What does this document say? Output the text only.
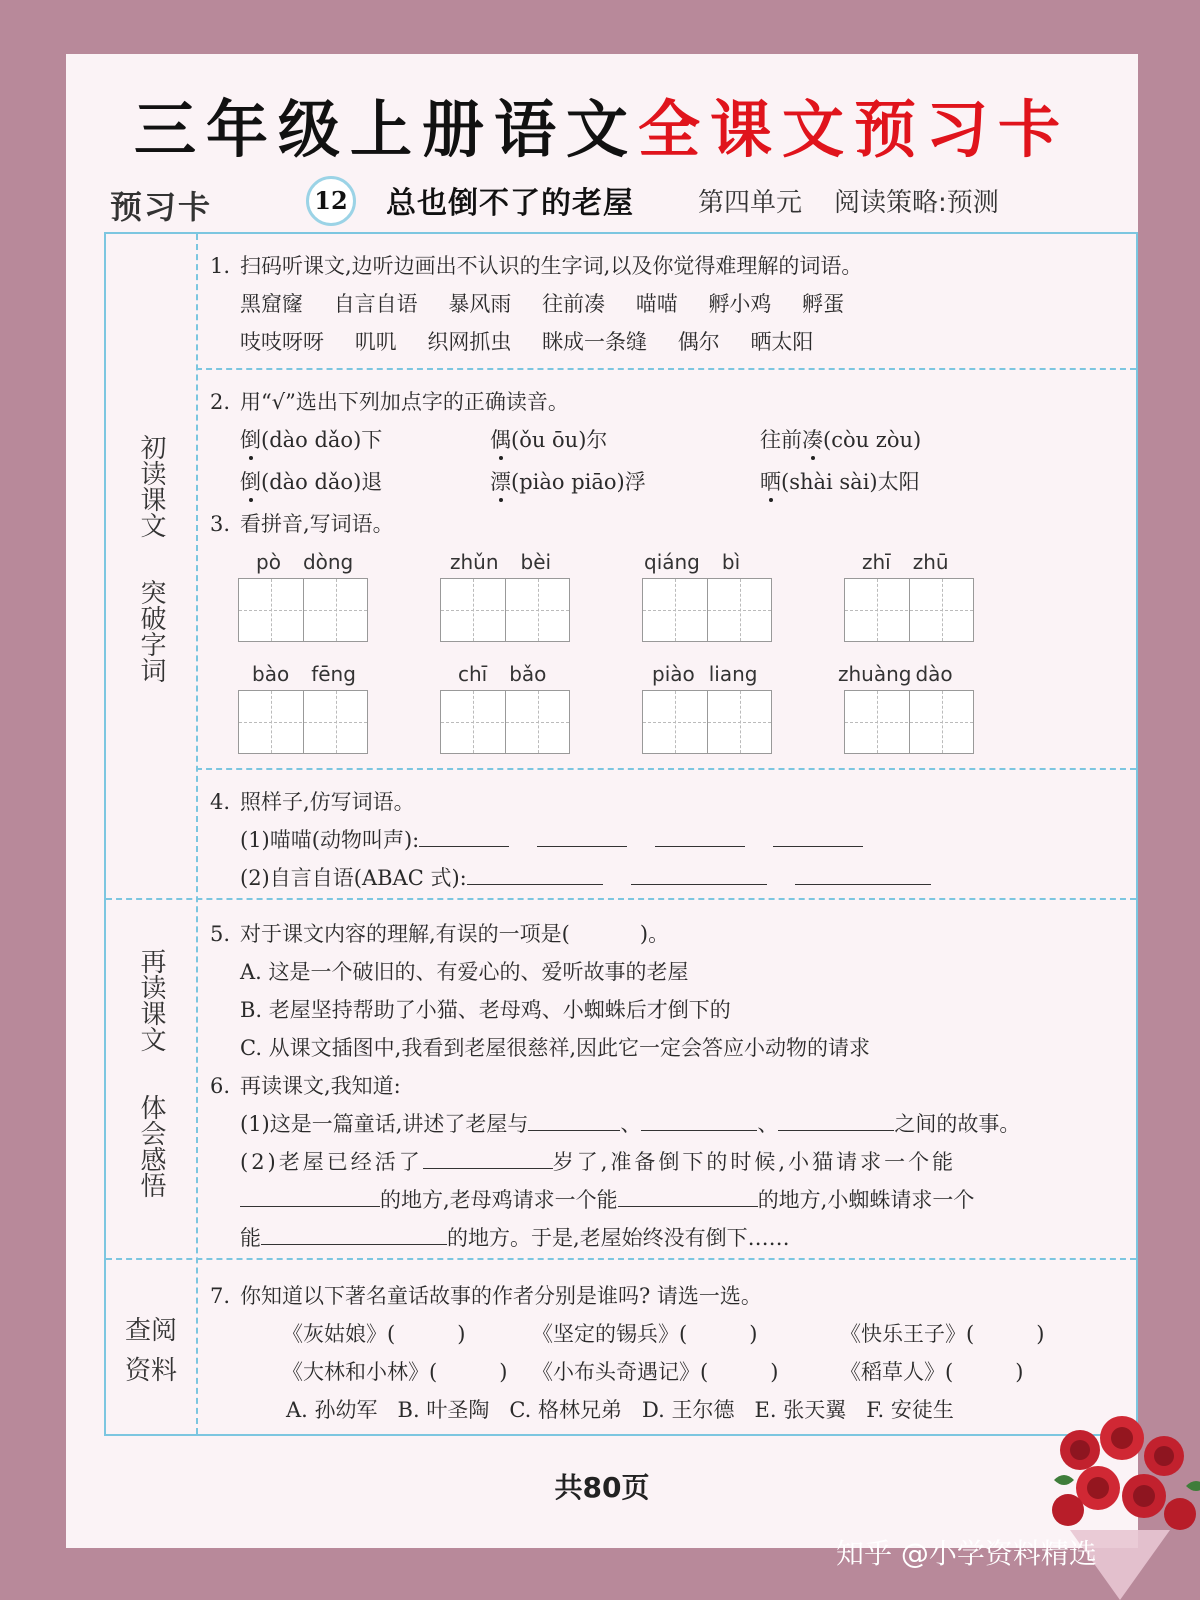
三年级上册语文全课文预习卡
预习卡	12 总也倒不了的老屋 第四单元 阅读策略:预测
初读课文
突破字词
再读课文
体会感悟
查阅
资料
1. 扫码听课文,边听边画出不认识的生字词,以及你觉得难理解的词语。
黑窟窿 自言自语 暴风雨 往前凑 喵喵 孵小鸡 孵蛋
吱吱呀呀 叽叽 织网抓虫 眯成一条缝 偶尔 晒太阳
2. 用“√”选出下列加点字的正确读音。
倒(dào dǎo)下	偶(ǒu ōu)尔	往前凑(còu zòu)
倒(dào dǎo)退	漂(piào piāo)浮	晒(shài sài)太阳
3. 看拼音,写词语。
pò dòng	zhǔn bèi	qiáng bì	zhī zhū
bào fēng	chī bǎo	piào liang	zhuàng dào
4. 照样子,仿写词语。
(1)喵喵(动物叫声):
(2)自言自语(ABAC 式):
5. 对于课文内容的理解,有误的一项是(	)。
A. 这是一个破旧的、有爱心的、爱听故事的老屋
B. 老屋坚持帮助了小猫、老母鸡、小蜘蛛后才倒下的
C. 从课文插图中,我看到老屋很慈祥,因此它一定会答应小动物的请求
6. 再读课文,我知道:
(1)这是一篇童话,讲述了老屋与	、	、	之间的故事。
(2)老屋已经活了	岁了,准备倒下的时候,小猫请求一个能
的地方,老母鸡请求一个能	的地方,小蜘蛛请求一个
能	的地方。于是,老屋始终没有倒下……
7. 你知道以下著名童话故事的作者分别是谁吗? 请选一选。
《灰姑娘》(	)	《坚定的锡兵》(	)	《快乐王子》(	)
《大林和小林》(	) 《小布头奇遇记》(	)	《稻草人》(	)
A. 孙幼军   B. 叶圣陶   C. 格林兄弟   D. 王尔德   E. 张天翼   F. 安徒生
共80页
知乎 @小学资料精选
